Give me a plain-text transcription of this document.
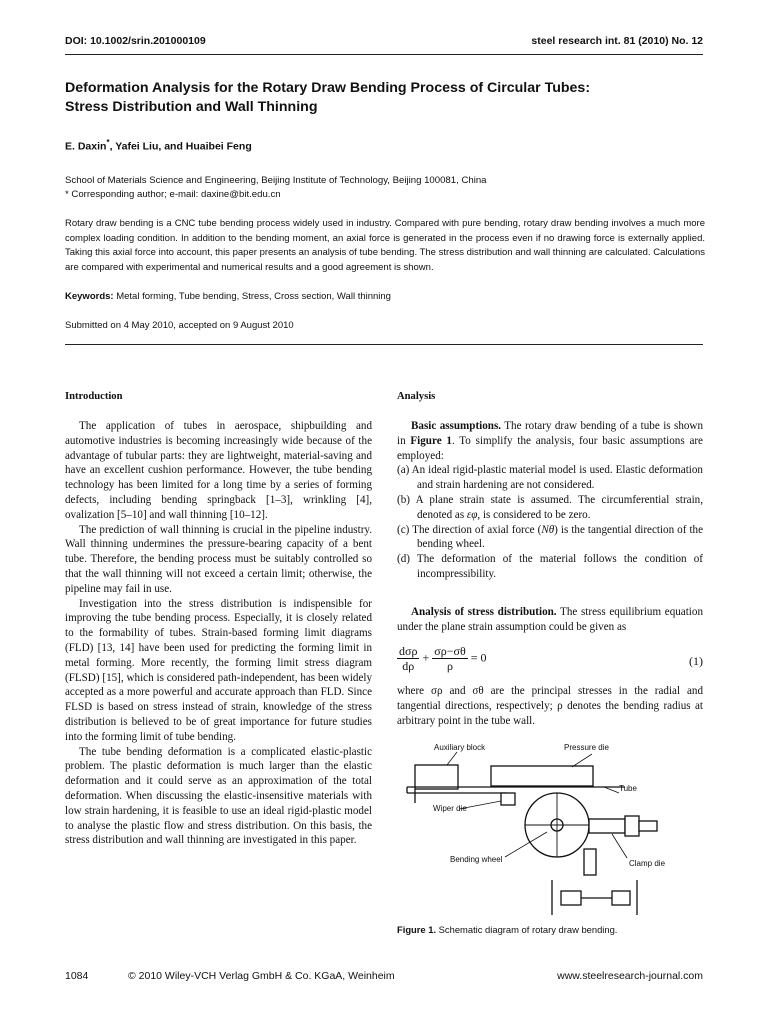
DOI: 10.1002/srin.201000109	steel research int. 81 (2010) No. 12
Deformation Analysis for the Rotary Draw Bending Process of Circular Tubes:
Stress Distribution and Wall Thinning
E. Daxin*, Yafei Liu, and Huaibei Feng
School of Materials Science and Engineering, Beijing Institute of Technology, Beijing 100081, China
* Corresponding author; e-mail: daxine@bit.edu.cn
Rotary draw bending is a CNC tube bending process widely used in industry. Compared with pure bending, rotary draw bending involves a much more complex loading condition. In addition to the bending moment, an axial force is generated in the process even if no drawing force is externally applied. Taking this axial force into account, this paper presents an analysis of tube bending. The stress distribution and wall thinning are calculated. Calculations are compared with experimental and numerical results and a good agreement is shown.
Keywords: Metal forming, Tube bending, Stress, Cross section, Wall thinning
Submitted on 4 May 2010, accepted on 9 August 2010
Introduction

The application of tubes in aerospace, shipbuilding and automotive industries is becoming increasingly wide because of the advantage of tubular parts: they are lightweight, material-saving and have an excellent cushion performance. However, the tube bending technology has been limited for a long time by a series of forming defects, including bending springback [1–3], wrinkling [4], ovalization [5–10] and wall thinning [10–12].

The prediction of wall thinning is crucial in the pipeline industry. Wall thinning undermines the pressure-bearing capacity of a bent tube. Therefore, the bending process must be suitably controlled so that the wall thinning will not exceed a certain limit; otherwise, the pipeline may fail in use.

Investigation into the stress distribution is indispensible for improving the tube bending process. Especially, it is closely related to the formability of tubes. Strain-based forming limit diagrams (FLD) [13, 14] have been used for predicting the forming limit in metal forming. More recently, the forming limit stress diagram (FLSD) [15], which is considered path-independent, has been widely accepted as a more powerful and accurate approach than FLD. Since FLSD is based on stress instead of strain, knowledge of the stress distribution is believed to be of great importance for future studies into the forming limit of tube bending.

The tube bending deformation is a complicated elastic-plastic problem. The plastic deformation is much larger than the elastic deformation and it could serve as an approximation of the total deformation. When discussing the elastic-insensitive materials with low strain hardening, it is feasible to use an ideal rigid-plastic model to analyse the plastic flow and stress distribution. On this basis, the stress distribution and wall thinning are investigated in this paper.

Analysis

Basic assumptions. The rotary draw bending of a tube is shown in Figure 1. To simplify the analysis, four basic assumptions are employed:

(a) An ideal rigid-plastic material model is used. Elastic deformation and strain hardening are not considered.
(b) A plane strain state is assumed. The circumferential strain, denoted as εφ, is considered to be zero.
(c) The direction of axial force (Nθ) is the tangential direction of the bending wheel.
(d) The deformation of the material follows the condition of incompressibility.

Analysis of stress distribution. The stress equilibrium equation under the plane strain assumption could be given as

$\frac{\text{dσρ}}{d\rho} + \frac{\sigma\rho-\sigma\theta}{\rho} = 0$	(1)

where σρ and σθ are the principal stresses in the radial and tangential directions, respectively; ρ denotes the bending radius at arbitrary point in the tube wall.

Auxiliary block	Pressure die
Tube
Wiper die
Bending wheel	Clamp die
Figure 1. Schematic diagram of rotary draw bending.
1084	© 2010 Wiley-VCH Verlag GmbH & Co. KGaA, Weinheim	www.steelresearch-journal.com
